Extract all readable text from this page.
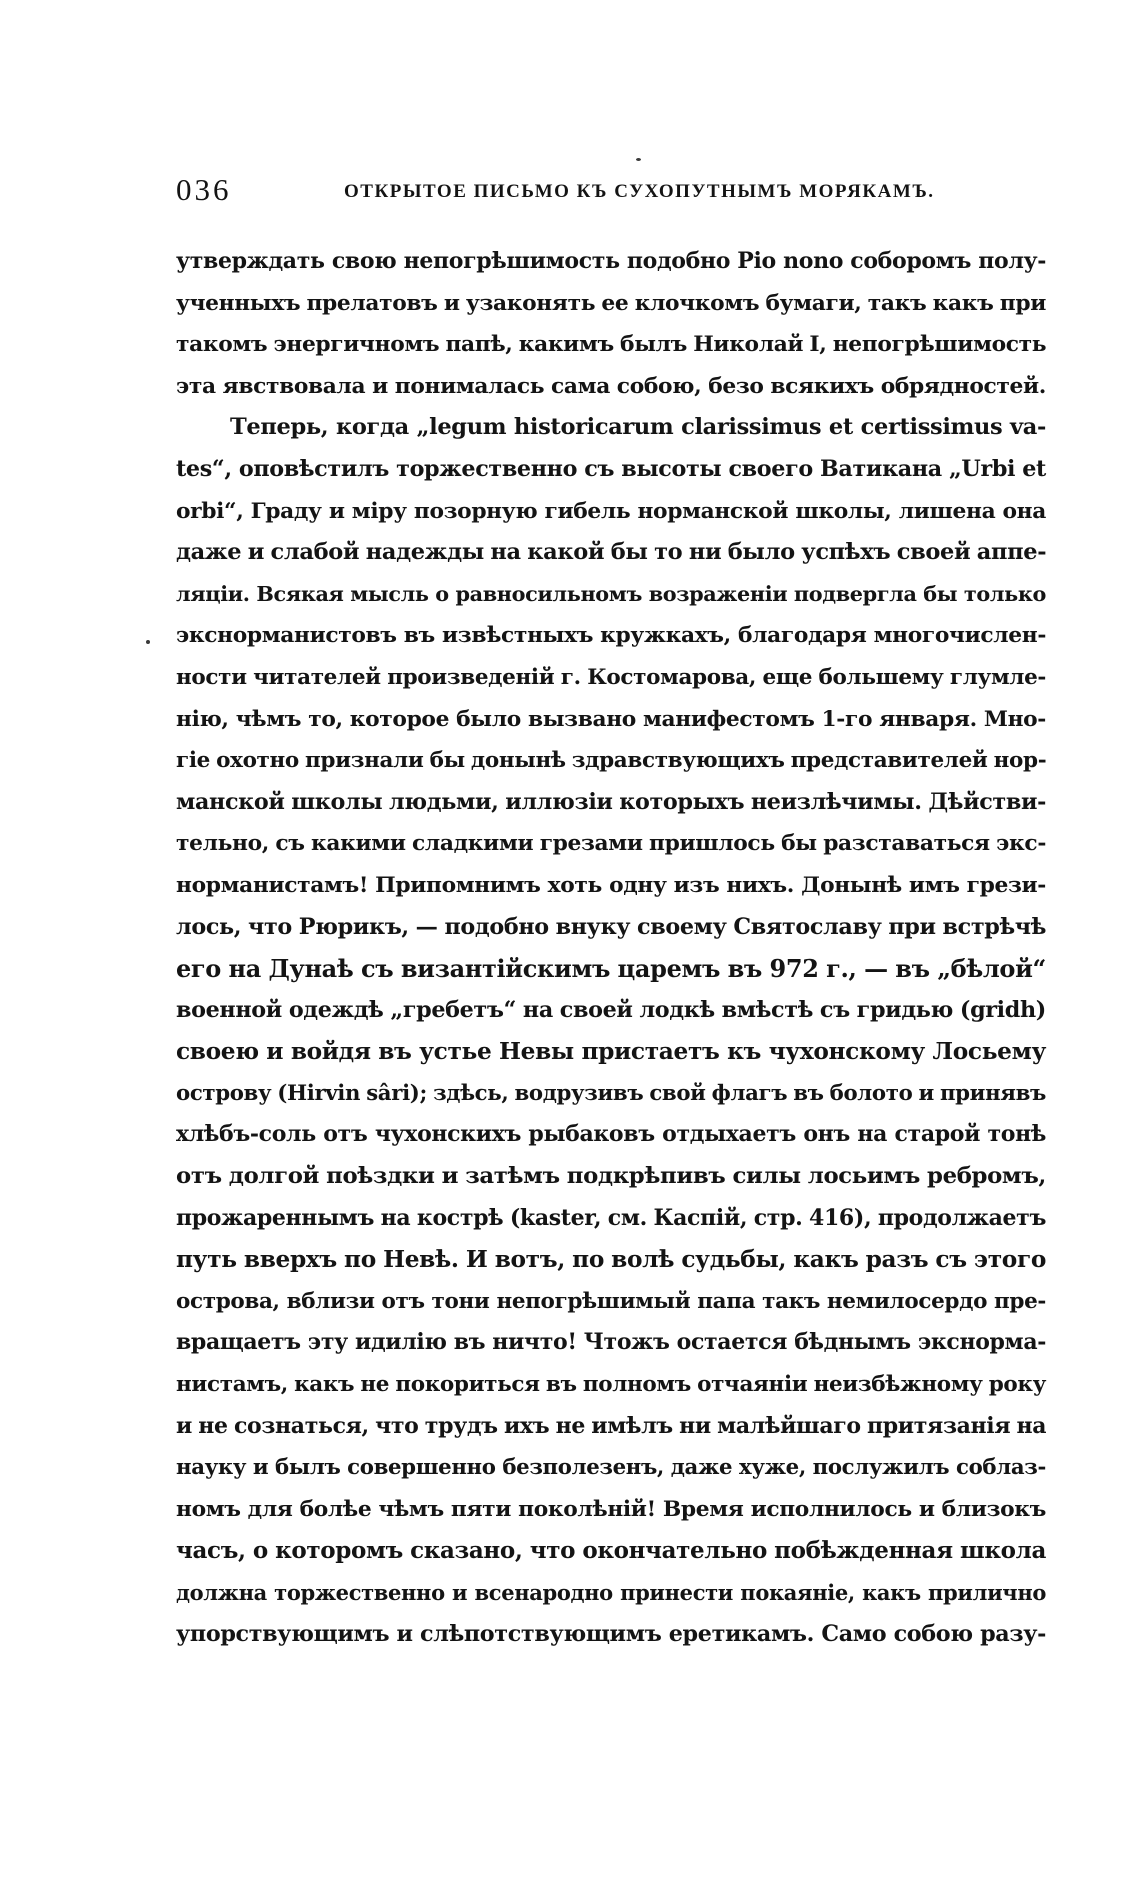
036	ОТКРЫТОЕ ПИСЬМО КЪ СУХОПУТНЫМЪ МОРЯКАМЪ.
утверждать свою непогрѣшимость подобно Pio nono соборомъ полу-
ученныхъ прелатовъ и узаконять ее клочкомъ бумаги, такъ какъ при
такомъ энергичномъ папѣ, какимъ былъ Николай I, непогрѣшимость
эта явствовала и понималась сама собою, безо всякихъ обрядностей.
Теперь, когда „legum historicarum clarissimus et certissimus va-
tes“, оповѣстилъ торжественно съ высоты своего Ватикана „Urbi et
orbi“, Граду и міру позорную гибель норманской школы, лишена она
даже и слабой надежды на какой бы то ни было успѣхъ своей аппе-
ляціи. Всякая мысль о равносильномъ возраженіи подвергла бы только
экснорманистовъ въ извѣстныхъ кружкахъ, благодаря многочислен-
ности читателей произведеній г. Костомарова, еще большему глумле-
нію, чѣмъ то, которое было вызвано манифестомъ 1-го января. Мно-
гіе охотно признали бы донынѣ здравствующихъ представителей нор-
манской школы людьми, иллюзіи которыхъ неизлѣчимы. Дѣйстви-
тельно, съ какими сладкими грезами пришлось бы разставаться экс-
норманистамъ! Припомнимъ хоть одну изъ нихъ. Донынѣ имъ грези-
лось, что Рюрикъ, — подобно внуку своему Святославу при встрѣчѣ
его на Дунаѣ съ византійскимъ царемъ въ 972 г., — въ „бѣлой“
военной одеждѣ „гребетъ“ на своей лодкѣ вмѣстѣ съ гридью (gridh)
своею и войдя въ устье Невы пристаетъ къ чухонскому Лосьему
острову (Hirvin sâri); здѣсь, водрузивъ свой флагъ въ болото и принявъ
хлѣбъ-соль отъ чухонскихъ рыбаковъ отдыхаетъ онъ на старой тонѣ
отъ долгой поѣздки и затѣмъ подкрѣпивъ силы лосьимъ ребромъ,
прожареннымъ на кострѣ (kaster, см. Каспій, стр. 416), продолжаетъ
путь вверхъ по Невѣ. И вотъ, по волѣ судьбы, какъ разъ съ этого
острова, вблизи отъ тони непогрѣшимый папа такъ немилосердо пре-
вращаетъ эту идилію въ ничто! Чтожъ остается бѣднымъ экснорма-
нистамъ, какъ не покориться въ полномъ отчаяніи неизбѣжному року
и не сознаться, что трудъ ихъ не имѣлъ ни малѣйшаго притязанія на
науку и былъ совершенно безполезенъ, даже хуже, послужилъ соблаз-
номъ для болѣе чѣмъ пяти поколѣній! Время исполнилось и близокъ
часъ, о которомъ сказано, что окончательно побѣжденная школа
должна торжественно и всенародно принести покаяніе, какъ прилично
упорствующимъ и слѣпотствующимъ еретикамъ. Само собою разу-
